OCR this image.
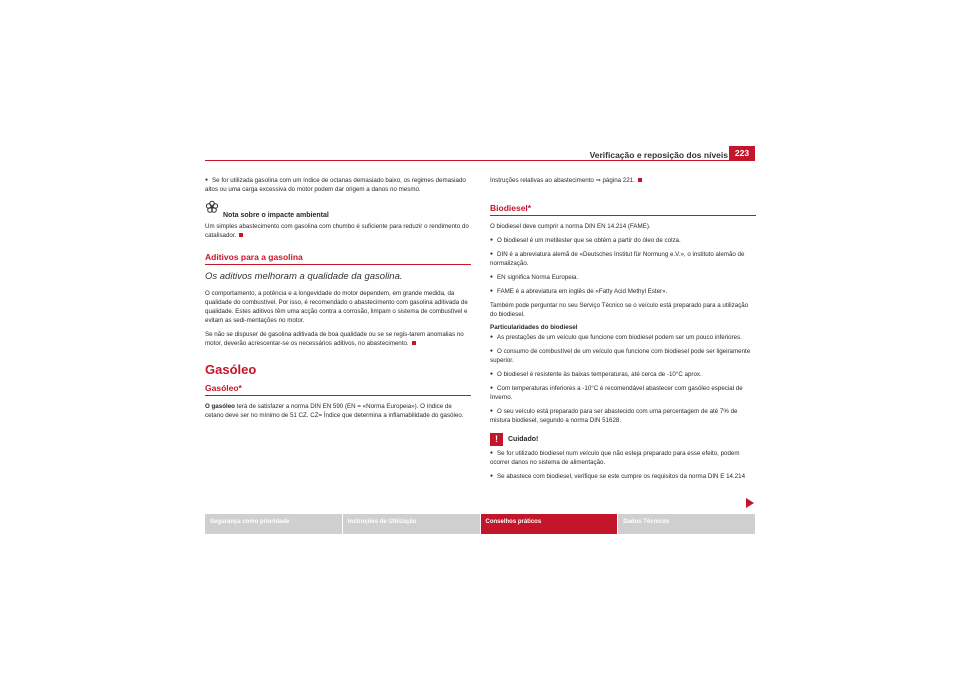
Verificação e reposição dos níveis 223

● Se for utilizada gasolina com um índice de octanas demasiado baixo, os regimes demasiado altos ou uma carga excessiva do motor podem dar origem a danos no mesmo.

Nota sobre o impacte ambiental

Um simples abastecimento com gasolina com chumbo é suficiente para reduzir o rendimento do catalisador.

Aditivos para a gasolina
Os aditivos melhoram a qualidade da gasolina.

O comportamento, a potência e a longevidade do motor dependem, em grande medida, da qualidade do combustível. Por isso, é recomendado o abastecimento com gasolina aditivada de qualidade. Estes aditivos têm uma acção contra a corrosão, limpam o sistema de combustível e evitam as sedi-mentações no motor.

Se não se dispuser de gasolina aditivada de boa qualidade ou se se regis-tarem anomalias no motor, deverão acrescentar-se os necessários aditivos, no abastecimento.

Gasóleo
Gasóleo*

O gasóleo terá de satisfazer a norma DIN EN 590 (EN = «Norma Europeia»). O índice de cetano deve ser no mínimo de 51 CZ. CZ= Índice que determina a inflamabilidade do gasóleo.

Instruções relativas ao abastecimento ⇒ página 221.

Biodiesel*

O biodiesel deve cumprir a norma DIN EN 14.214 (FAME).

● O biodiesel é um metilester que se obtém a partir do óleo de colza.

● DIN é a abreviatura alemã de «Deutsches Institut für Normung e.V.», o instituto alemão de normalização.

● EN significa Norma Europeia.

● FAME é a abreviatura em inglês de «Fatty Acid Methyl Ester».

Também pode perguntar no seu Serviço Técnico se o veículo está preparado para a utilização do biodiesel.

Particularidades do biodiesel

● As prestações de um veículo que funcione com biodiesel podem ser um pouco inferiores.

● O consumo de combustível de um veículo que funcione com biodiesel pode ser ligeiramente superior.

● O biodiesel é resistente às baixas temperaturas, até cerca de -10°C aprox.

● Com temperaturas inferiores a -10°C é recomendável abastecer com gasóleo especial de Inverno.

● O seu veículo está preparado para ser abastecido com uma percentagem de até 7% de mistura biodiesel, segundo a norma DIN 51628.

!	Cuidado!

● Se for utilizado biodiesel num veículo que não esteja preparado para esse efeito, podem ocorrer danos no sistema de alimentação.

● Se abastece com biodiesel, verifique se este cumpre os requisitos da norma DIN E 14.214

Segurança como prioridade	Instruções de Utilização	Conselhos práticos	Dados Técnicos
